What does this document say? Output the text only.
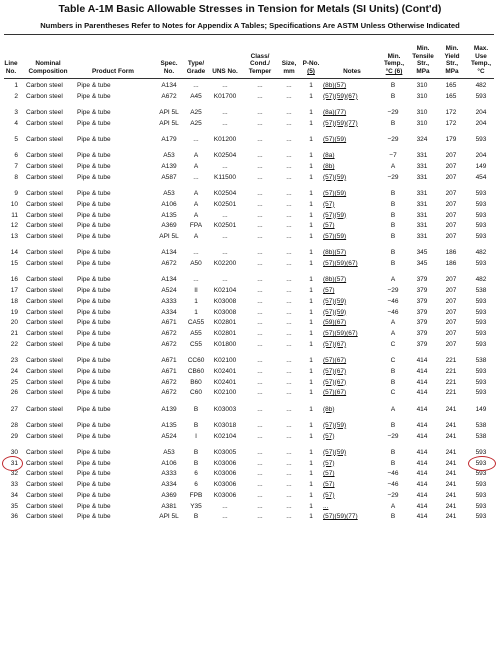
Table A-1M Basic Allowable Stresses in Tension for Metals (SI Units) (Cont'd)
Numbers in Parentheses Refer to Notes for Appendix A Tables; Specifications Are ASTM Unless Otherwise Indicated
Line
No.
Nominal
Composition	Product Form
Spec.
No.
Type/
Grade	UNS No.
Class/
Cond./
Temper
Size,
mm
P-No.
(5)	Notes
Min.
Temp.,
°C (6)
Min.
Tensile
Str.,
MPa
Min.
Yield
Str.,
MPa
Max.
Use
Temp.,
°C
1 Carbon steel Pipe & tube	A134	...	...	...	...	1	(8b)(57)	B	310	165	482
2 Carbon steel Pipe & tube	A672	A45	K01700	...	...	1	(57)(59)(67)	B	310	165	593
3 Carbon steel Pipe & tube	API 5L	A25	...	...	...	1	(8a)(77)	−29	310	172	204
4 Carbon steel Pipe & tube	API 5L	A25	...	...	...	1	(57)(59)(77)	B	310	172	204
5 Carbon steel Pipe & tube	A179	...	K01200	...	...	1	(57)(59)	−29	324	179	593
6 Carbon steel Pipe & tube	A53	A	K02504	...	...	1	(8a)	−7	331	207	204
7 Carbon steel Pipe & tube	A139	A	...	...	...	1	(8b)	A	331	207	149
8 Carbon steel Pipe & tube	A587	...	K11500	...	...	1	(57)(59)	−29	331	207	454
9 Carbon steel Pipe & tube	A53	A	K02504	...	...	1	(57)(59)	B	331	207	593
10 Carbon steel Pipe & tube	A106	A	K02501	...	...	1	(57)	B	331	207	593
11 Carbon steel Pipe & tube	A135	A	...	...	...	1	(57)(59)	B	331	207	593
12 Carbon steel Pipe & tube	A369	FPA	K02501	...	...	1	(57)	B	331	207	593
13 Carbon steel Pipe & tube	API 5L	A	...	...	...	1	(57)(59)	B	331	207	593
14 Carbon steel Pipe & tube	A134	...	...	...	...	1	(8b)(57)	B	345	186	482
15 Carbon steel Pipe & tube	A672	A50	K02200	...	...	1	(57)(59)(67)	B	345	186	593
16 Carbon steel Pipe & tube	A134	...	...	...	...	1	(8b)(57)	A	379	207	482
17 Carbon steel Pipe & tube	A524	II	K02104	...	...	1	(57)	−29	379	207	538
18 Carbon steel Pipe & tube	A333	1	K03008	...	...	1	(57)(59)	−46	379	207	593
19 Carbon steel Pipe & tube	A334	1	K03008	...	...	1	(57)(59)	−46	379	207	593
20 Carbon steel Pipe & tube	A671	CA55	K02801	...	...	1	(59)(67)	A	379	207	593
21 Carbon steel Pipe & tube	A672	A55	K02801	...	...	1	(57)(59)(67)	A	379	207	593
22 Carbon steel Pipe & tube	A672	C55	K01800	...	...	1	(57)(67)	C	379	207	593
23 Carbon steel Pipe & tube	A671	CC60	K02100	...	...	1	(57)(67)	C	414	221	538
24 Carbon steel Pipe & tube	A671	CB60	K02401	...	...	1	(57)(67)	B	414	221	593
25 Carbon steel Pipe & tube	A672	B60	K02401	...	...	1	(57)(67)	B	414	221	593
26 Carbon steel Pipe & tube	A672	C60	K02100	...	...	1	(57)(67)	C	414	221	593
27 Carbon steel Pipe & tube	A139	B	K03003	...	...	1	(8b)	A	414	241	149
28 Carbon steel Pipe & tube	A135	B	K03018	...	...	1	(57)(59)	B	414	241	538
29 Carbon steel Pipe & tube	A524	I	K02104	...	...	1	(57)	−29	414	241	538
30 Carbon steel Pipe & tube	A53	B	K03005	...	...	1	(57)(59)	B	414	241	593
31 Carbon steel Pipe & tube	A106	B	K03006	...	...	1	(57)	B	414	241	593
32 Carbon steel Pipe & tube	A333	6	K03006	...	...	1	(57)	−46	414	241	593
33 Carbon steel Pipe & tube	A334	6	K03006	...	...	1	(57)	−46	414	241	593
34 Carbon steel Pipe & tube	A369	FPB	K03006	...	...	1	(57)	−29	414	241	593
35 Carbon steel Pipe & tube	A381	Y35	...	...	...	1	...	A	414	241	593
36 Carbon steel Pipe & tube	API 5L	B	...	...	...	1	(57)(59)(77)	B	414	241	593
